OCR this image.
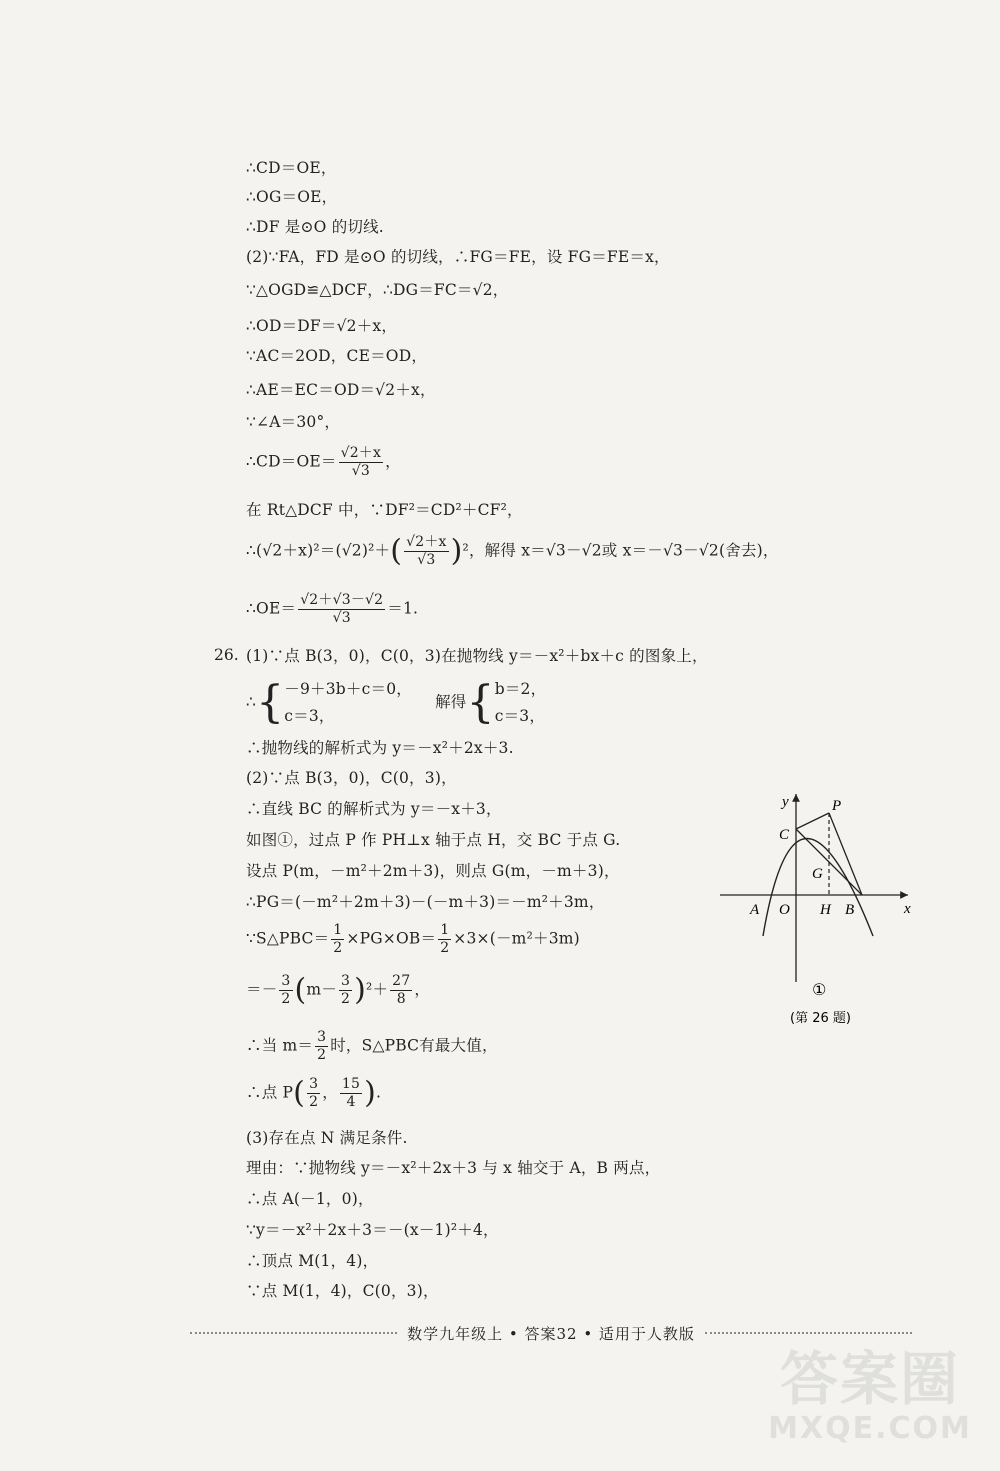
∴CD＝OE，
∴OG＝OE，
∴DF 是⊙O 的切线.
(2)∵FA，FD 是⊙O 的切线，∴FG＝FE，设 FG＝FE＝x，
∵△OGD≌△DCF，∴DG＝FC＝√2，
∴OD＝DF＝√2＋x，
∵AC＝2OD，CE＝OD，
∴AE＝EC＝OD＝√2＋x，
∵∠A＝30°，
∴CD＝OE＝ $\frac{√2+x}{√3}$ ，
在 Rt△DCF 中，∵DF²＝CD²＋CF²，
∴(√2＋x)²＝(√2)²＋( $\frac{√2+x}{√3} )^2$，解得 x＝√3－√2或 x＝－√3－√2(舍去)，
∴OE＝ $\frac{√2+√3-√2}{√3} =1$.
26. (1)∵点 B(3，0)，C(0，3)在抛物线 y＝－x²＋bx＋c 的图象上，
∴{ －9＋3b＋c＝0，
c＝3，
解得{ b＝2，
c＝3，
∴抛物线的解析式为 y＝－x²＋2x＋3.
(2)∵点 B(3，0)，C(0，3)，
∴直线 BC 的解析式为 y＝－x＋3，
如图①，过点 P 作 PH⊥x 轴于点 H，交 BC 于点 G.
设点 P(m，－m²＋2m＋3)，则点 G(m，－m＋3)，
∴PG＝(－m²＋2m＋3)－(－m＋3)＝－m²＋3m，
∵S△PBC＝ $\frac{1}{2} \times PG\times OB= \frac{1}{2} \times 3\times(-m^2+3m)$
＝－ $\frac{3}{2} (m- \frac{3}{2} )^2+ \frac{27}{8}$ ，
∴当 $m= \frac{3}{2}$ 时，S△PBC有最大值，
∴点 $P( \frac{3}{2}$ ， $\frac{15}{4}$ ).
(3)存在点 N 满足条件.
理由：∵抛物线 y＝－x²＋2x＋3 与 x 轴交于 A，B 两点，
∴点 A(－1，0)，
∵y＝－x²＋2x＋3＝－(x－1)²＋4，
∴顶点 M(1，4)，
∵点 M(1，4)，C(0，3)，
y
x
P
C
G
A O H B
①
(第 26 题)
数学九年级上 • 答案32 • 适用于人教版
答案圈
MXQE.COM
